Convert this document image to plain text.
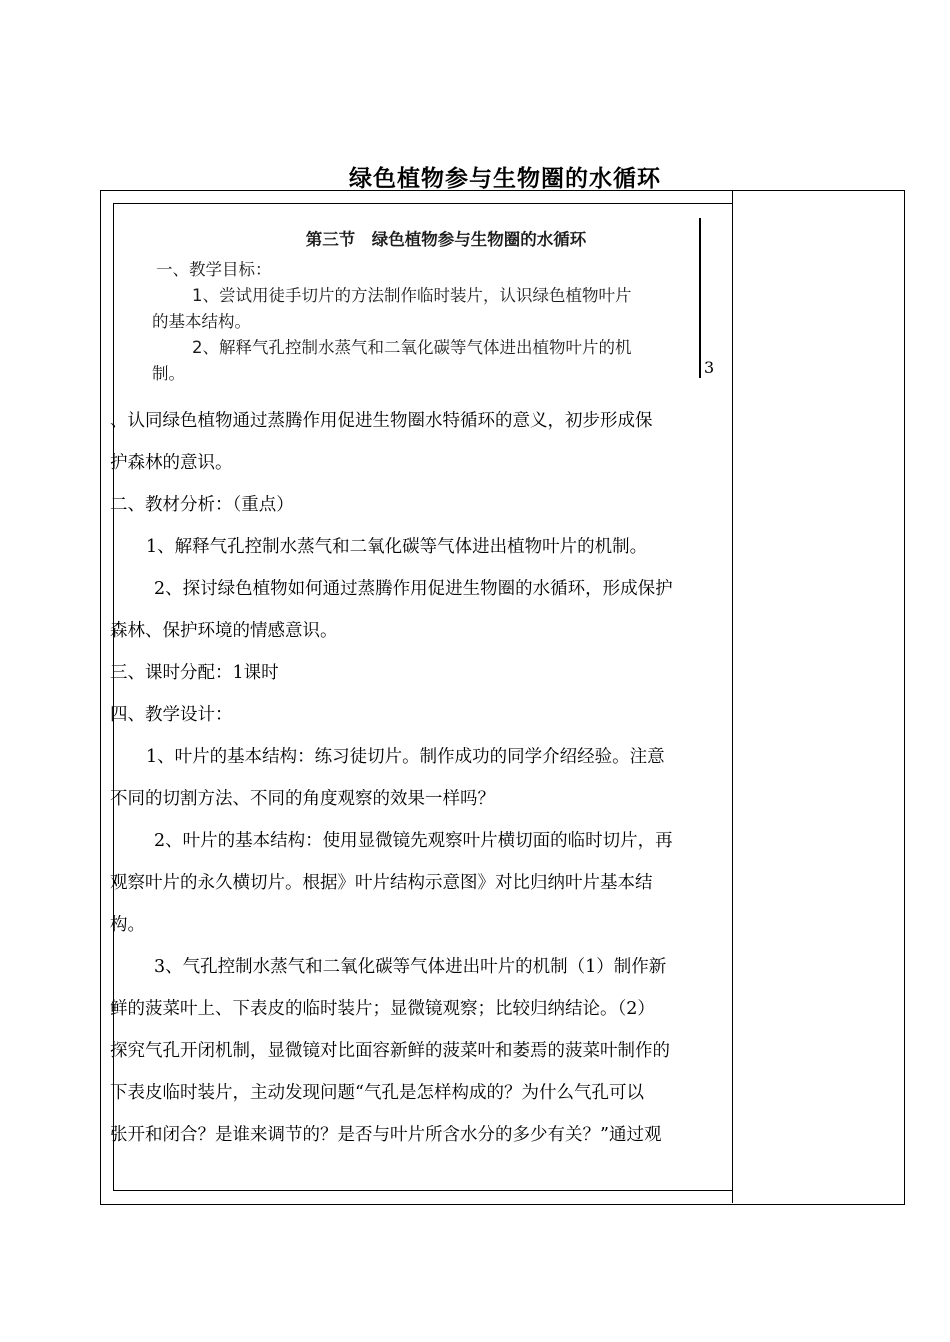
绿色植物参与生物圈的水循环

第三节　绿色植物参与生物圈的水循环

一、教学目标：

1、尝试用徒手切片的方法制作临时装片，认识绿色植物叶片

的基本结构。

2、解释气孔控制水蒸气和二氧化碳等气体进出植物叶片的机

制。	3

、认同绿色植物通过蒸腾作用促进生物圈水特循环的意义，初步形成保

护森林的意识。

二、教材分析：（重点）

1、解释气孔控制水蒸气和二氧化碳等气体进出植物叶片的机制。

2、探讨绿色植物如何通过蒸腾作用促进生物圈的水循环，形成保护

森林、保护环境的情感意识。

三、课时分配：1课时

四、教学设计：

1、叶片的基本结构：练习徒切片。制作成功的同学介绍经验。注意

不同的切割方法、不同的角度观察的效果一样吗？

2、叶片的基本结构：使用显微镜先观察叶片横切面的临时切片，再

观察叶片的永久横切片。根据》叶片结构示意图》对比归纳叶片基本结

构。

3、气孔控制水蒸气和二氧化碳等气体进出叶片的机制（1）制作新

鲜的菠菜叶上、下表皮的临时装片；显微镜观察；比较归纳结论。（2）

探究气孔开闭机制，显微镜对比面容新鲜的菠菜叶和萎焉的菠菜叶制作的

下表皮临时装片，主动发现问题“气孔是怎样构成的？为什么气孔可以

张开和闭合？是谁来调节的？是否与叶片所含水分的多少有关？”通过观
